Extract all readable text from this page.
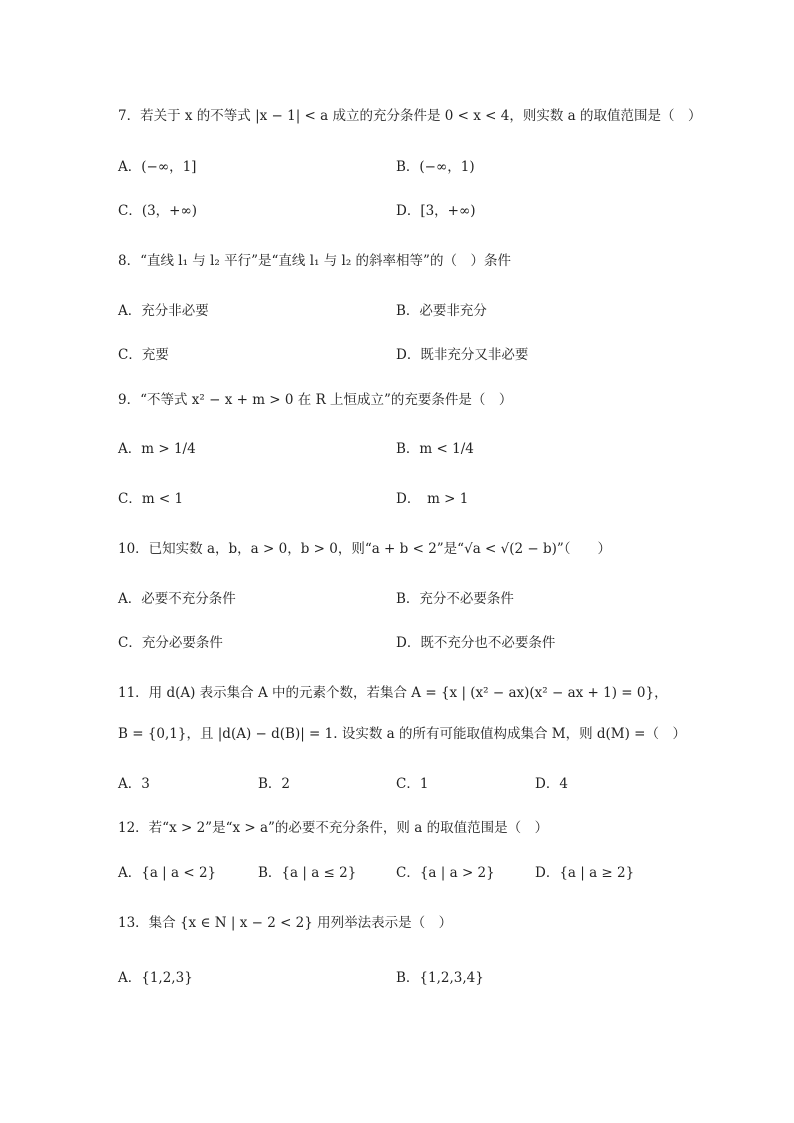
7．若关于 x 的不等式 |x − 1| < a 成立的充分条件是 0 < x < 4，则实数 a 的取值范围是（　）
A．(−∞，1]	B．(−∞，1)
C．(3，+∞)	D．[3，+∞)
8．“直线 l₁ 与 l₂ 平行”是“直线 l₁ 与 l₂ 的斜率相等”的（　）条件
A．充分非必要	B．必要非充分
C．充要	D．既非充分又非必要
9．“不等式 x² − x + m > 0 在 R 上恒成立”的充要条件是（　）
A．m > 1/4	B．m < 1/4
C．m < 1	D．　m > 1
10．已知实数 a，b，a > 0，b > 0，则“a + b < 2”是“√a < √(2 − b)”（　　）
A．必要不充分条件	B．充分不必要条件
C．充分必要条件	D．既不充分也不必要条件
11．用 d(A) 表示集合 A 中的元素个数，若集合 A = {x | (x² − ax)(x² − ax + 1) = 0}，
B = {0,1}，且 |d(A) − d(B)| = 1. 设实数 a 的所有可能取值构成集合 M，则 d(M) =（　）
A．3	B．2	C．1	D．4
12．若“x > 2”是“x > a”的必要不充分条件，则 a 的取值范围是（　）
A．{a | a < 2}	B．{a | a ≤ 2}	C．{a | a > 2}	D．{a | a ≥ 2}
13．集合 {x ∈ N | x − 2 < 2} 用列举法表示是（　）
A．{1,2,3}	B．{1,2,3,4}
